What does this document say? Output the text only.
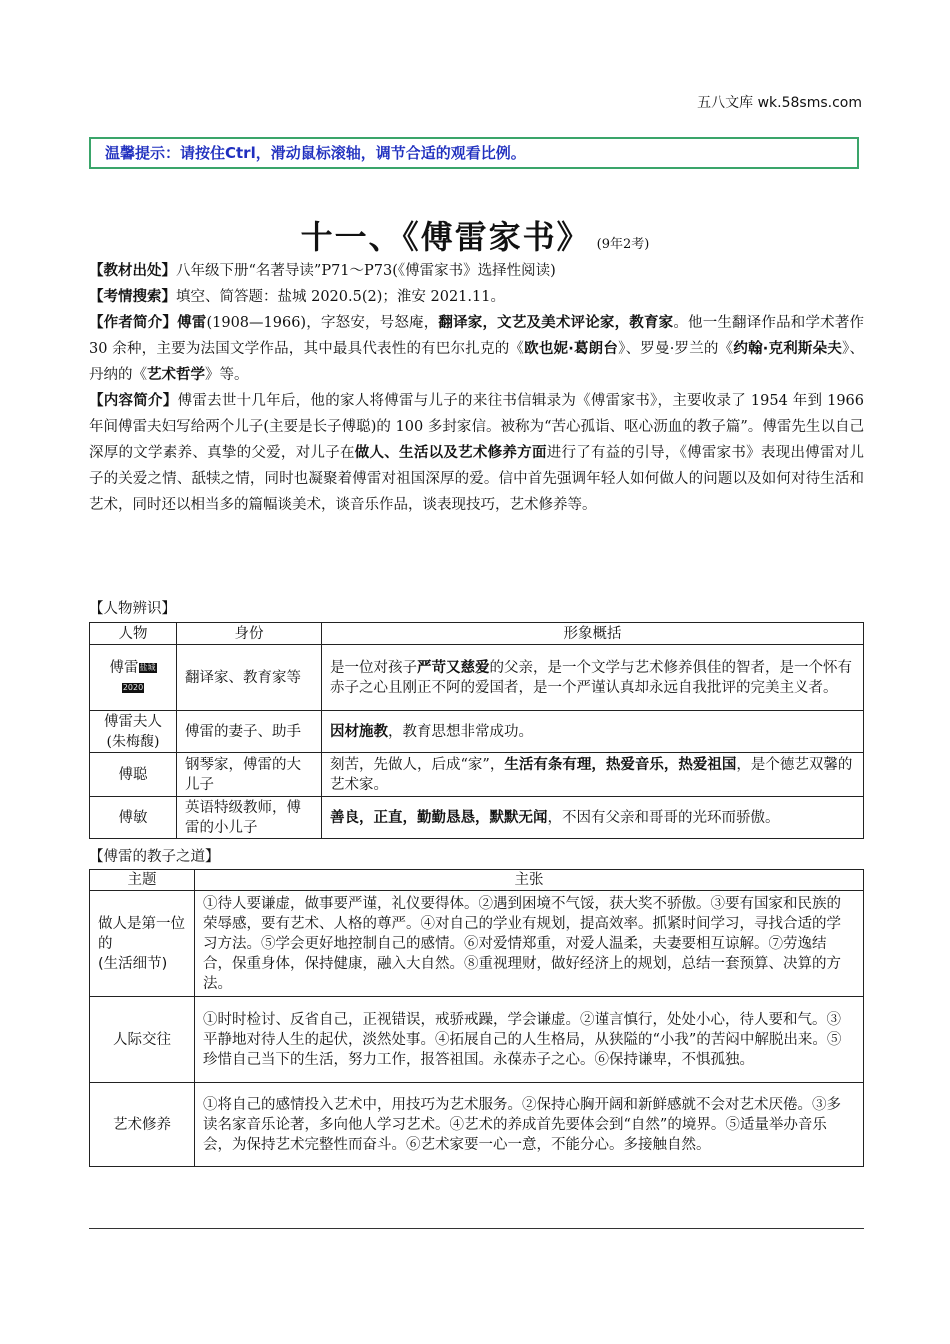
五八文库 wk.58sms.com
温馨提示：请按住Ctrl，滑动鼠标滚轴，调节合适的观看比例。
十一、《傅雷家书》 (9年2考)

【教材出处】八年级下册“名著导读”P71～P73(《傅雷家书》选择性阅读)

【考情搜索】填空、简答题：盐城 2020.5(2)；淮安 2021.11。

【作者简介】傅雷(1908—1966)，字怒安，号怒庵，翻译家，文艺及美术评论家，教育家。他一生翻译作品和学术著作 30 余种，主要为法国文学作品，其中最具代表性的有巴尔扎克的《欧也妮·葛朗台》、罗曼·罗兰的《约翰·克利斯朵夫》、丹纳的《艺术哲学》等。

【内容简介】傅雷去世十几年后，他的家人将傅雷与儿子的来往书信辑录为《傅雷家书》，主要收录了 1954 年到 1966 年间傅雷夫妇写给两个儿子(主要是长子傅聪)的 100 多封家信。被称为“苦心孤诣、呕心沥血的教子篇”。傅雷先生以自己深厚的文学素养、真挚的父爱，对儿子在做人、生活以及艺术修养方面进行了有益的引导，《傅雷家书》表现出傅雷对儿子的关爱之情、舐犊之情，同时也凝聚着傅雷对祖国深厚的爱。信中首先强调年轻人如何做人的问题以及如何对待生活和艺术，同时还以相当多的篇幅谈美术，谈音乐作品，谈表现技巧，艺术修养等。

【人物辨识】
人物	身份	形象概括
傅雷盐城
2020	翻译家、教育家等	是一位对孩子严苛又慈爱的父亲，是一个文学与艺术修养俱佳的智者，是一个怀有赤子之心且刚正不阿的爱国者，是一个严谨认真却永远自我批评的完美主义者。
傅雷夫人
(朱梅馥)	傅雷的妻子、助手	因材施教，教育思想非常成功。
傅聪	钢琴家，傅雷的大儿子	刻苦，先做人，后成“家”，生活有条有理，热爱音乐，热爱祖国，是个德艺双馨的艺术家。
傅敏	英语特级教师，傅雷的小儿子	善良，正直，勤勤恳恳，默默无闻，不因有父亲和哥哥的光环而骄傲。
【傅雷的教子之道】
主题	主张
做人是第一位的
(生活细节)	①待人要谦虚，做事要严谨，礼仪要得体。②遇到困境不气馁，获大奖不骄傲。③要有国家和民族的荣辱感，要有艺术、人格的尊严。④对自己的学业有规划，提高效率。抓紧时间学习，寻找合适的学习方法。⑤学会更好地控制自己的感情。⑥对爱情郑重，对爱人温柔，夫妻要相互谅解。⑦劳逸结合，保重身体，保持健康，融入大自然。⑧重视理财，做好经济上的规划，总结一套预算、决算的方法。
人际交往	①时时检讨、反省自己，正视错误，戒骄戒躁，学会谦虚。②谨言慎行，处处小心，待人要和气。③平静地对待人生的起伏，淡然处事。④拓展自己的人生格局，从狭隘的“小我”的苦闷中解脱出来。⑤珍惜自己当下的生活，努力工作，报答祖国。永葆赤子之心。⑥保持谦卑，不惧孤独。
艺术修养	①将自己的感情投入艺术中，用技巧为艺术服务。②保持心胸开阔和新鲜感就不会对艺术厌倦。③多读名家音乐论著，多向他人学习艺术。④艺术的养成首先要体会到“自然”的境界。⑤适量举办音乐会，为保持艺术完整性而奋斗。⑥艺术家要一心一意，不能分心。多接触自然。
